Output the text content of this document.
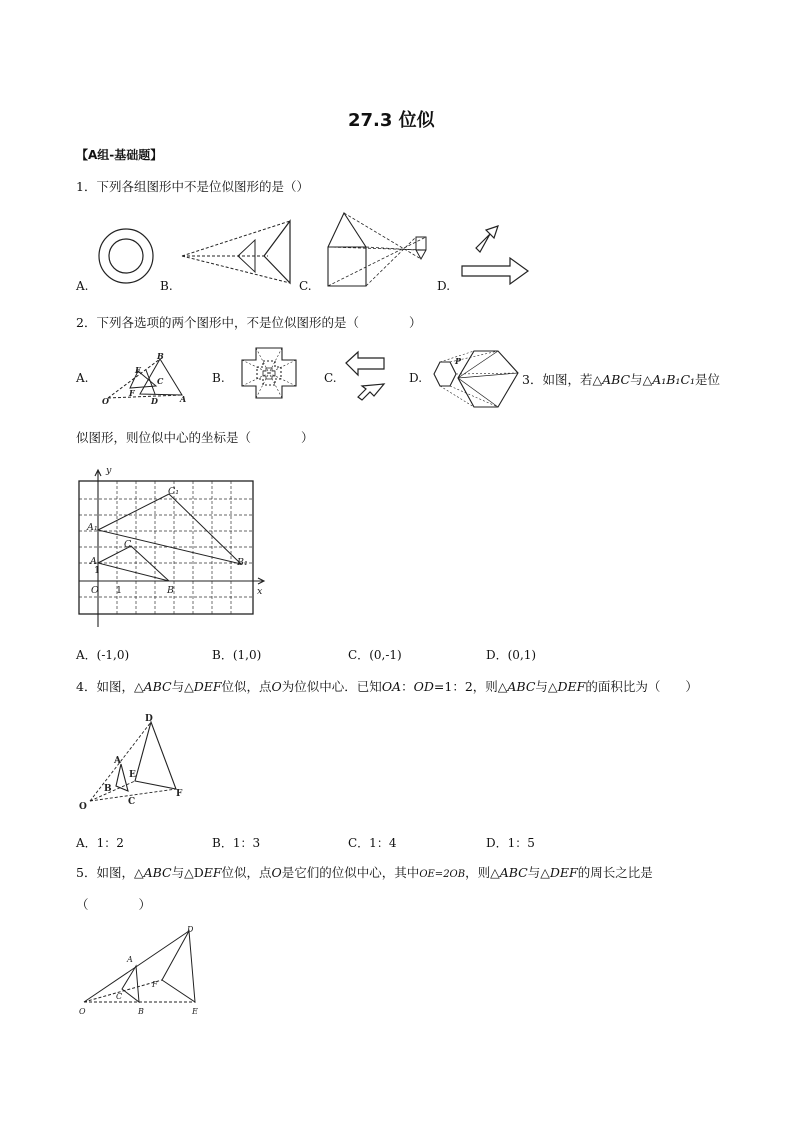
27.3 位似
【A组-基础题】
1．下列各组图形中不是位似图形的是（）
A.	B.	C.	D.
2．下列各选项的两个图形中，不是位似图形的是（　　　　）
A.	B.	C.	D.
B
E
C
F
O	D	A
P
3．如图，若△ABC与△A₁B₁C₁是位
似图形，则位似中心的坐标是（　　　　）
y
x
O
1
1
A
A₁
B
B₁
C
C₁
A．(-1,0)	B．(1,0)	C．(0,-1)	D．(0,1)
4．如图，△ABC与△DEF位似，点O为位似中心．已知OA：OD=1：2，则△ABC与△DEF的面积比为（　　）
D
A
E
B
C
F
O
A．1：2	B．1：3	C．1：4	D．1：5
5．如图，△ABC与△DEF位似，点O是它们的位似中心，其中OE=2OB，则△ABC与△DEF的周长之比是
（　　　　）
D
A
F
C
O	B	E
